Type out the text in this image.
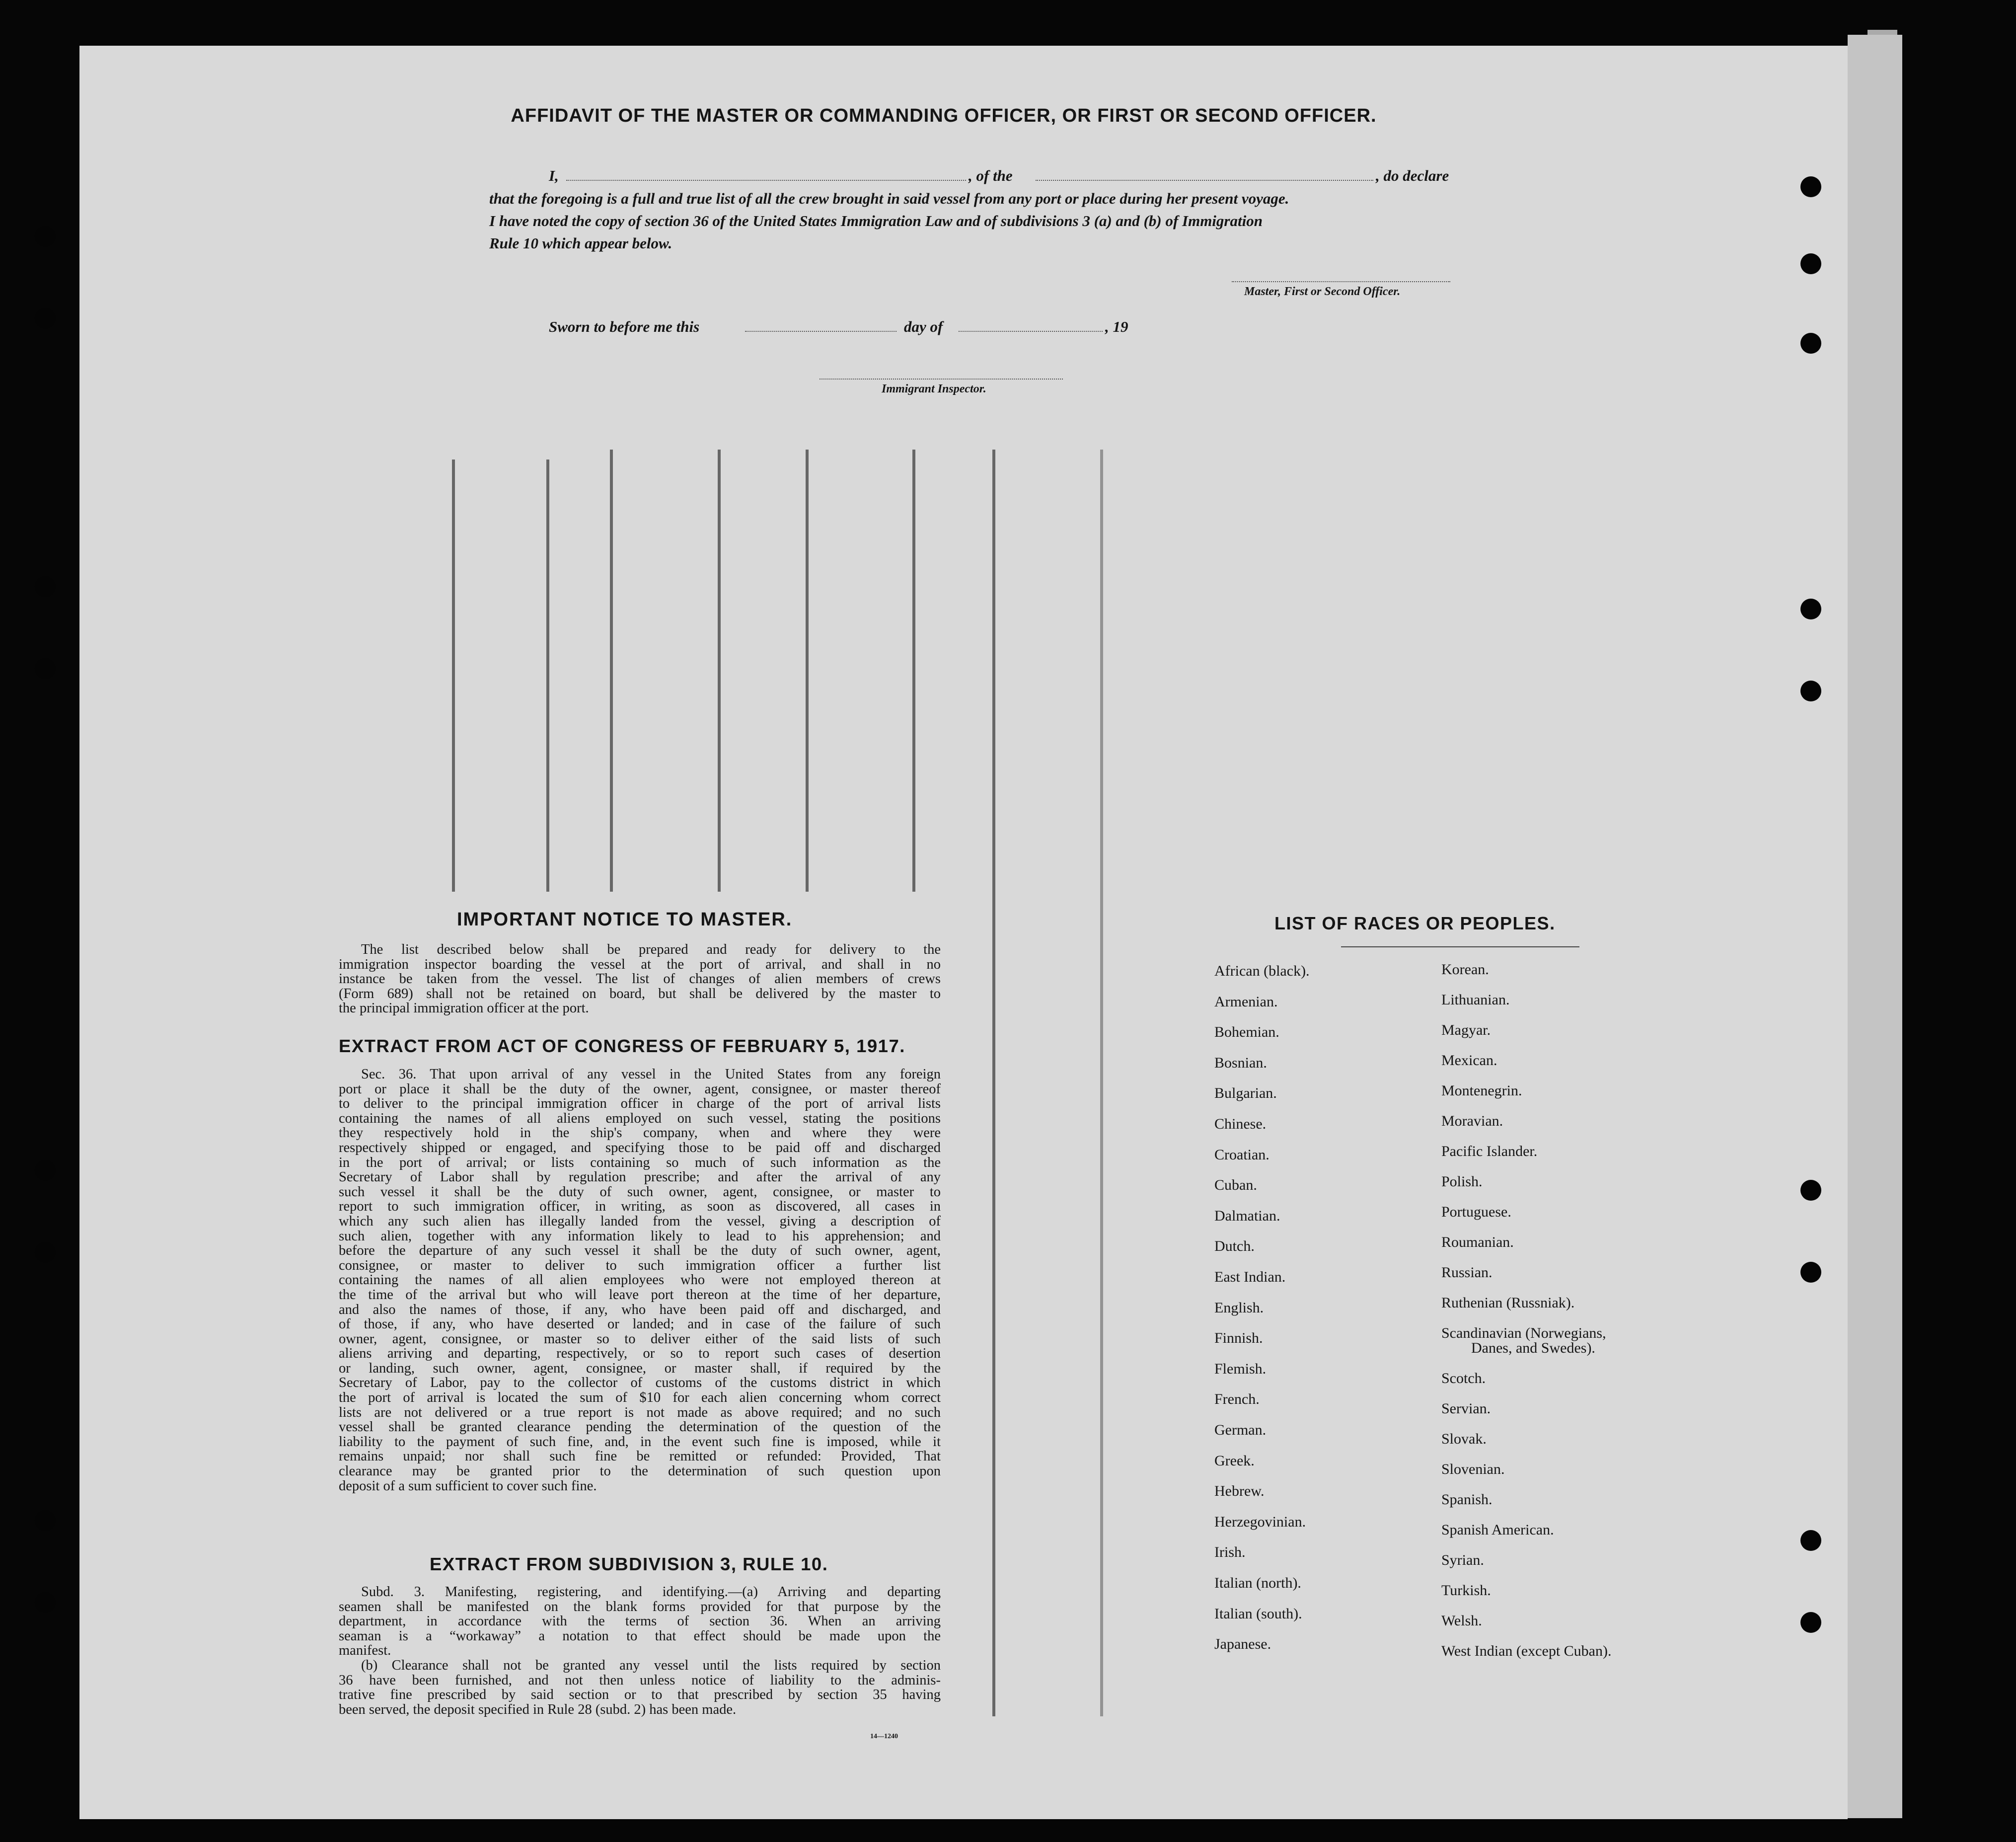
AFFIDAVIT OF THE MASTER OR COMMANDING OFFICER, OR FIRST OR SECOND OFFICER.
I,	, of the	, do declare
that the foregoing is a full and true list of all the crew brought in said vessel from any port or place during her present voyage.
I have noted the copy of section 36 of the United States Immigration Law and of subdivisions 3 (a) and (b) of Immigration
Rule 10 which appear below.
Master, First or Second Officer.
Sworn to before me this	day of	, 19
Immigrant Inspector.
IMPORTANT NOTICE TO MASTER.
The list described below shall be prepared and ready for delivery to the
immigration inspector boarding the vessel at the port of arrival, and shall in no
instance be taken from the vessel. The list of changes of alien members of crews
(Form 689) shall not be retained on board, but shall be delivered by the master to
the principal immigration officer at the port.
EXTRACT FROM ACT OF CONGRESS OF FEBRUARY 5, 1917.
Sec. 36. That upon arrival of any vessel in the United States from any foreign
port or place it shall be the duty of the owner, agent, consignee, or master thereof
to deliver to the principal immigration officer in charge of the port of arrival lists
containing the names of all aliens employed on such vessel, stating the positions
they respectively hold in the ship's company, when and where they were
respectively shipped or engaged, and specifying those to be paid off and discharged
in the port of arrival; or lists containing so much of such information as the
Secretary of Labor shall by regulation prescribe; and after the arrival of any
such vessel it shall be the duty of such owner, agent, consignee, or master to
report to such immigration officer, in writing, as soon as discovered, all cases in
which any such alien has illegally landed from the vessel, giving a description of
such alien, together with any information likely to lead to his apprehension; and
before the departure of any such vessel it shall be the duty of such owner, agent,
consignee, or master to deliver to such immigration officer a further list
containing the names of all alien employees who were not employed thereon at
the time of the arrival but who will leave port thereon at the time of her departure,
and also the names of those, if any, who have been paid off and discharged, and
of those, if any, who have deserted or landed; and in case of the failure of such
owner, agent, consignee, or master so to deliver either of the said lists of such
aliens arriving and departing, respectively, or so to report such cases of desertion
or landing, such owner, agent, consignee, or master shall, if required by the
Secretary of Labor, pay to the collector of customs of the customs district in which
the port of arrival is located the sum of $10 for each alien concerning whom correct
lists are not delivered or a true report is not made as above required; and no such
vessel shall be granted clearance pending the determination of the question of the
liability to the payment of such fine, and, in the event such fine is imposed, while it
remains unpaid; nor shall such fine be remitted or refunded: Provided, That
clearance may be granted prior to the determination of such question upon
deposit of a sum sufficient to cover such fine.
EXTRACT FROM SUBDIVISION 3, RULE 10.
Subd. 3. Manifesting, registering, and identifying.—(a) Arriving and departing
seamen shall be manifested on the blank forms provided for that purpose by the
department, in accordance with the terms of section 36. When an arriving
seaman is a “workaway” a notation to that effect should be made upon the
manifest.
(b) Clearance shall not be granted any vessel until the lists required by section
36 have been furnished, and not then unless notice of liability to the adminis-
trative fine prescribed by said section or to that prescribed by section 35 having
been served, the deposit specified in Rule 28 (subd. 2) has been made.
14—1240
LIST OF RACES OR PEOPLES.
African (black).
Armenian.
Bohemian.
Bosnian.
Bulgarian.
Chinese.
Croatian.
Cuban.
Dalmatian.
Dutch.
East Indian.
English.
Finnish.
Flemish.
French.
German.
Greek.
Hebrew.
Herzegovinian.
Irish.
Italian (north).
Italian (south).
Japanese.
Korean.
Lithuanian.
Magyar.
Mexican.
Montenegrin.
Moravian.
Pacific Islander.
Polish.
Portuguese.
Roumanian.
Russian.
Ruthenian (Russniak).
Scandinavian (Norwegians,
Danes, and Swedes).
Scotch.
Servian.
Slovak.
Slovenian.
Spanish.
Spanish American.
Syrian.
Turkish.
Welsh.
West Indian (except Cuban).
